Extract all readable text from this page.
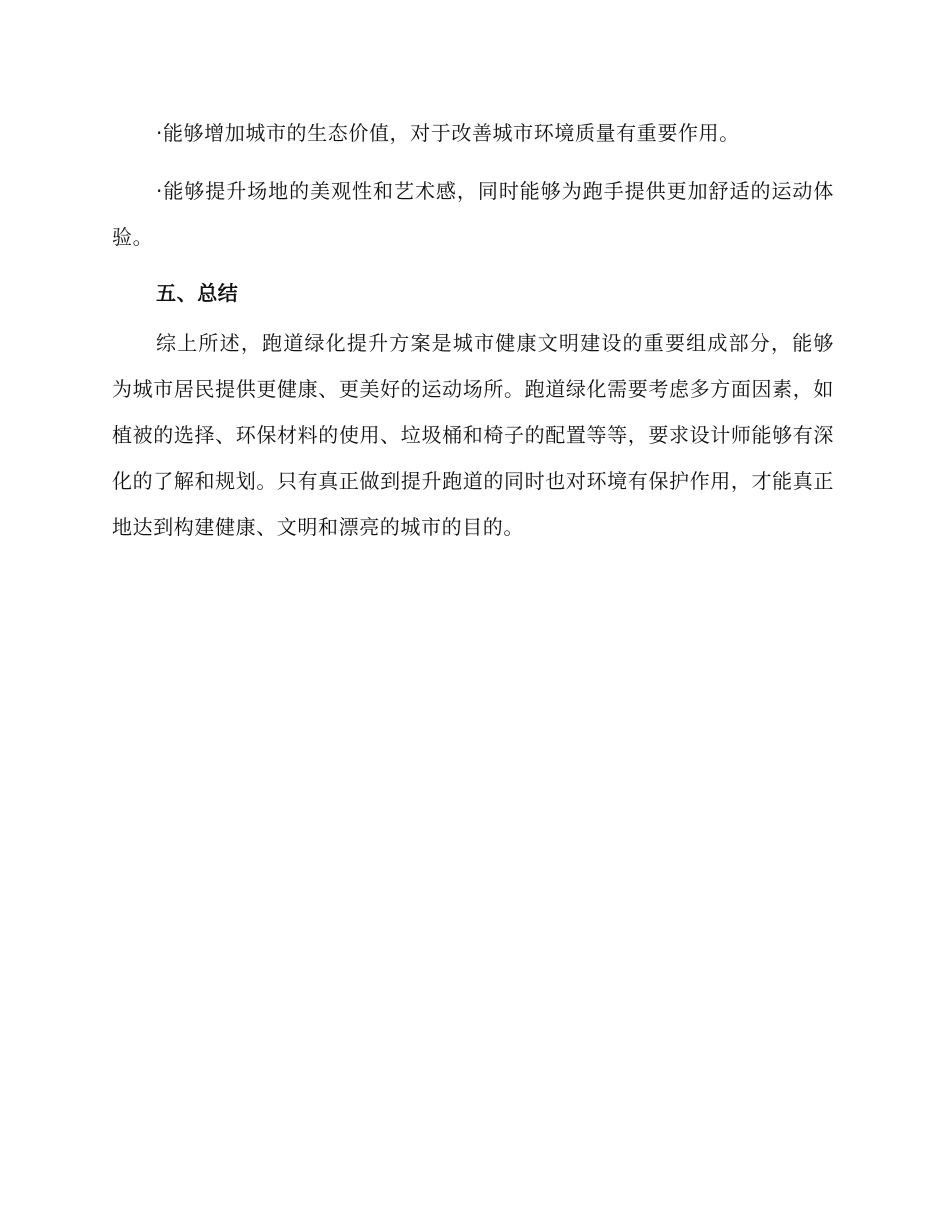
·能够增加城市的生态价值，对于改善城市环境质量有重要作用。

·能够提升场地的美观性和艺术感，同时能够为跑手提供更加舒适的运动体验。

五、总结

综上所述，跑道绿化提升方案是城市健康文明建设的重要组成部分，能够为城市居民提供更健康、更美好的运动场所。跑道绿化需要考虑多方面因素，如植被的选择、环保材料的使用、垃圾桶和椅子的配置等等，要求设计师能够有深化的了解和规划。只有真正做到提升跑道的同时也对环境有保护作用，才能真正地达到构建健康、文明和漂亮的城市的目的。
